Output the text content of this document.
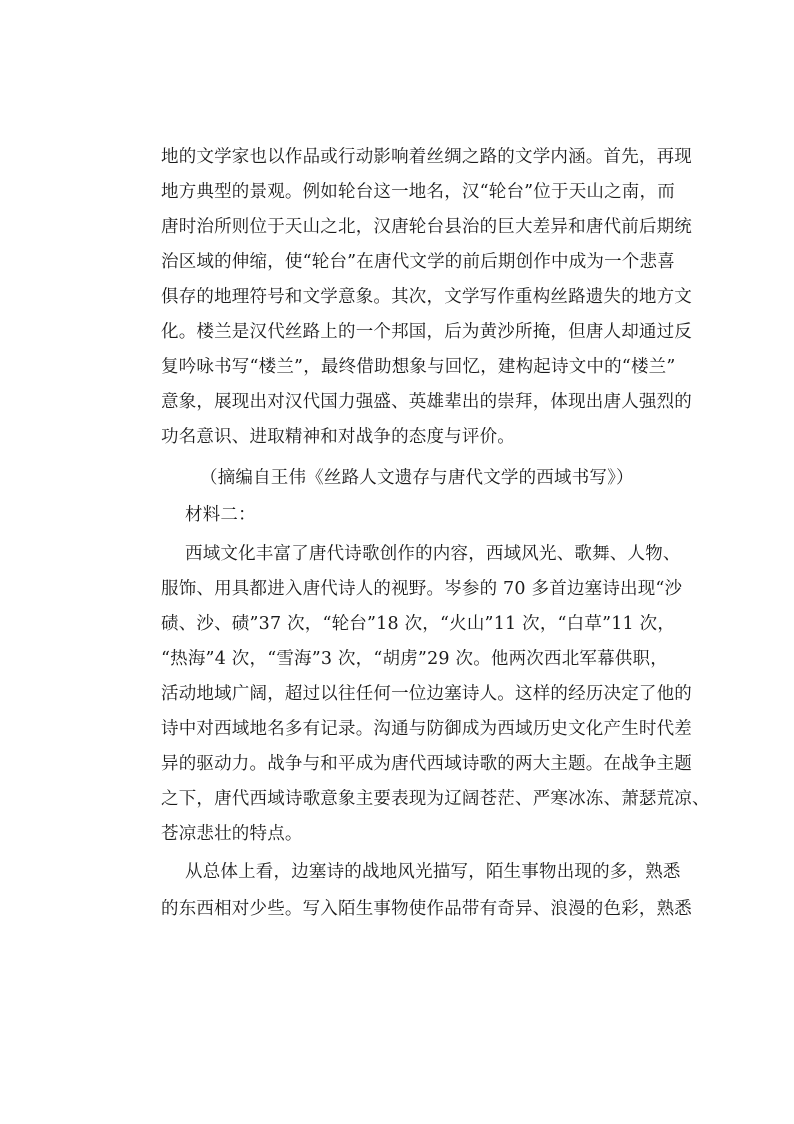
地的文学家也以作品或行动影响着丝绸之路的文学内涵。首先，再现
地方典型的景观。例如轮台这一地名，汉“轮台”位于天山之南，而
唐时治所则位于天山之北，汉唐轮台县治的巨大差异和唐代前后期统
治区域的伸缩，使“轮台”在唐代文学的前后期创作中成为一个悲喜
俱存的地理符号和文学意象。其次，文学写作重构丝路遗失的地方文
化。楼兰是汉代丝路上的一个邦国，后为黄沙所掩，但唐人却通过反
复吟咏书写“楼兰”，最终借助想象与回忆，建构起诗文中的“楼兰”
意象，展现出对汉代国力强盛、英雄辈出的崇拜，体现出唐人强烈的
功名意识、进取精神和对战争的态度与评价。
（摘编自王伟《丝路人文遗存与唐代文学的西域书写》）
材料二：
西域文化丰富了唐代诗歌创作的内容，西域风光、歌舞、人物、
服饰、用具都进入唐代诗人的视野。岑参的 70 多首边塞诗出现“沙
碛、沙、碛”37 次，“轮台”18 次，“火山”11 次，“白草”11 次，
“热海”4 次，“雪海”3 次，“胡虏”29 次。他两次西北军幕供职，
活动地域广阔，超过以往任何一位边塞诗人。这样的经历决定了他的
诗中对西域地名多有记录。沟通与防御成为西域历史文化产生时代差
异的驱动力。战争与和平成为唐代西域诗歌的两大主题。在战争主题
之下，唐代西域诗歌意象主要表现为辽阔苍茫、严寒冰冻、萧瑟荒凉、
苍凉悲壮的特点。
从总体上看，边塞诗的战地风光描写，陌生事物出现的多，熟悉
的东西相对少些。写入陌生事物使作品带有奇异、浪漫的色彩，熟悉
